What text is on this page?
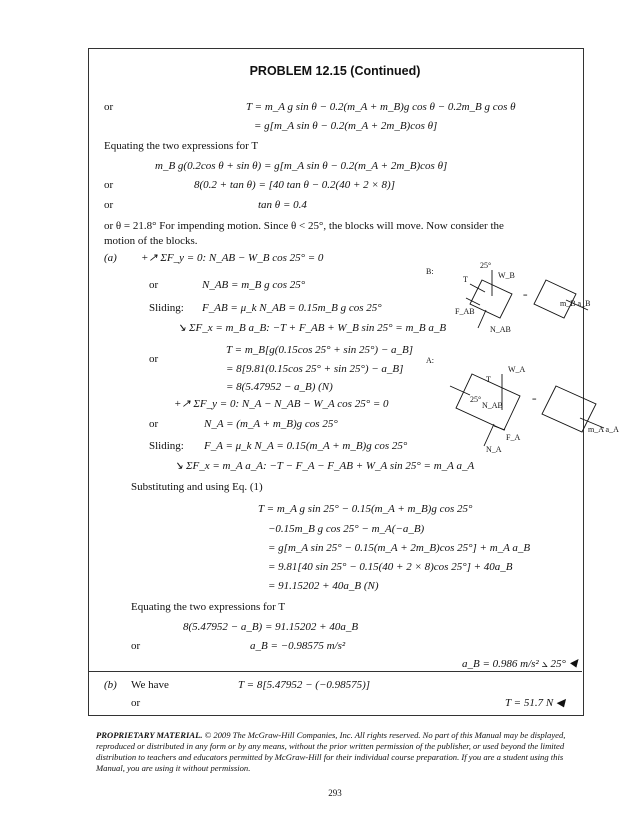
PROBLEM 12.15 (Continued)
or	T = m_A g sin θ − 0.2(m_A + m_B)g cos θ − 0.2m_B g cos θ
= g[m_A sin θ − 0.2(m_A + 2m_B)cos θ]
Equating the two expressions for T
m_B g(0.2cos θ + sin θ) = g[m_A sin θ − 0.2(m_A + 2m_B)cos θ]
or	8(0.2 + tan θ) = [40 tan θ − 0.2(40 + 2 × 8)]
or	tan θ = 0.4
or θ = 21.8° For impending motion. Since θ < 25°, the blocks will move. Now consider the
motion of the blocks.
(a) +↗ ΣF_y = 0: N_AB − W_B cos 25° = 0
or	N_AB = m_B g cos 25°
Sliding: F_AB = μ_k N_AB = 0.15m_B g cos 25°
↘ ΣF_x = m_B a_B: −T + F_AB + W_B sin 25° = m_B a_B
T = m_B[g(0.15cos 25° + sin 25°) − a_B]
or
= 8[9.81(0.15cos 25° + sin 25°) − a_B]
= 8(5.47952 − a_B) (N)
+↗ ΣF_y = 0: N_A − N_AB − W_A cos 25° = 0
or	N_A = (m_A + m_B)g cos 25°
Sliding: F_A = μ_k N_A = 0.15(m_A + m_B)g cos 25°
↘ ΣF_x = m_A a_A: −T − F_A − F_AB + W_A sin 25° = m_A a_A
Substituting and using Eq. (1)
T = m_A g sin 25° − 0.15(m_A + m_B)g cos 25°
−0.15m_B g cos 25° − m_A(−a_B)
= g[m_A sin 25° − 0.15(m_A + 2m_B)cos 25°] + m_A a_B
= 9.81[40 sin 25° − 0.15(40 + 2 × 8)cos 25°] + 40a_B
= 91.15202 + 40a_B (N)
Equating the two expressions for T
8(5.47952 − a_B) = 91.15202 + 40a_B
or	a_B = −0.98575 m/s²
a_B = 0.986 m/s² ⦣ 25° ◀
(b) We have	T = 8[5.47952 − (−0.98575)]
or	T = 51.7 N ◀
B:
25°
W_B
T
N_AB
F_AB
=
m_B a_B
A:
T
W_A
N_A
F_A
N_AB
25°	=
m_A a_A
PROPRIETARY MATERIAL. © 2009 The McGraw-Hill Companies, Inc. All rights reserved. No part of this Manual may be displayed, reproduced or distributed in any form or by any means, without the prior written permission of the publisher, or used beyond the limited distribution to teachers and educators permitted by McGraw-Hill for their individual course preparation. If you are a student using this Manual, you are using it without permission.
293
